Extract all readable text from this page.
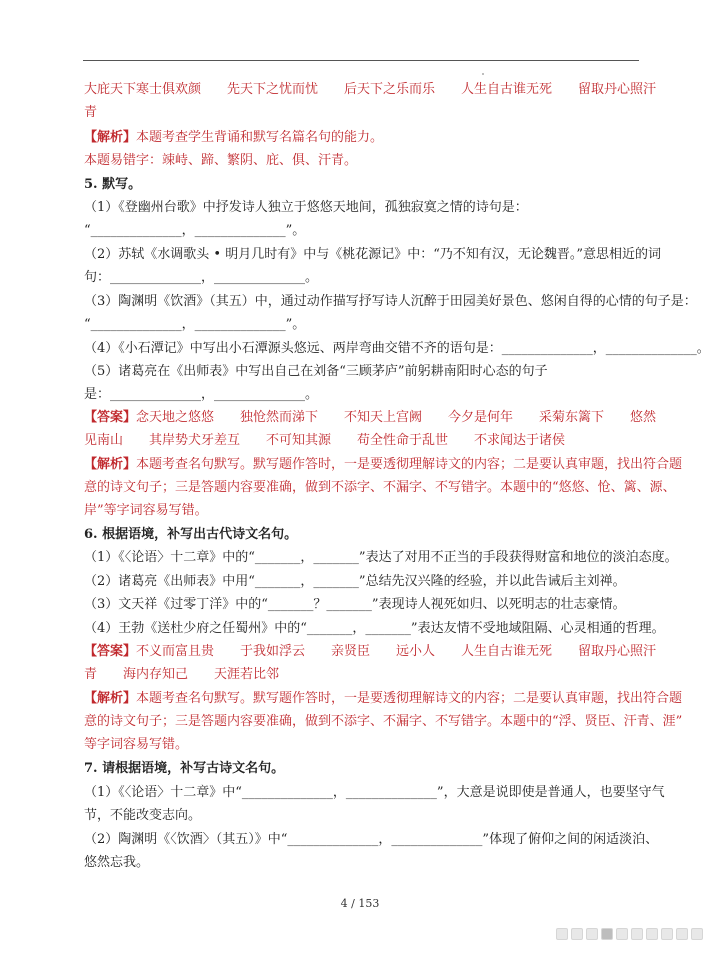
大庇天下寒士俱欢颜　　先天下之忧而忧　　后天下之乐而乐　　人生自古谁无死　　留取丹心照汗
青
【解析】本题考查学生背诵和默写名篇名句的能力。
本题易错字：竦峙、蹄、繁阴、庇、俱、汗青。
5. 默写。
（1）《登幽州台歌》中抒发诗人独立于悠悠天地间，孤独寂寞之情的诗句是：
“______________，______________”。
（2）苏轼《水调歌头 • 明月几时有》中与《桃花源记》中：“乃不知有汉，无论魏晋。”意思相近的词
句：______________，______________。
（3）陶渊明《饮酒》（其五）中，通过动作描写抒写诗人沉醉于田园美好景色、悠闲自得的心情的句子是：
“______________，______________”。
（4）《小石潭记》中写出小石潭源头悠远、两岸弯曲交错不齐的语句是：______________，______________。
（5）诸葛亮在《出师表》中写出自己在刘备“三顾茅庐”前躬耕南阳时心态的句子
是：______________，______________。
【答案】念天地之悠悠　　独怆然而涕下　　不知天上宫阙　　今夕是何年　　采菊东篱下　　悠然
见南山　　其岸势犬牙差互　　不可知其源　　苟全性命于乱世　　不求闻达于诸侯
【解析】本题考查名句默写。默写题作答时，一是要透彻理解诗文的内容；二是要认真审题，找出符合题
意的诗文句子；三是答题内容要准确，做到不添字、不漏字、不写错字。本题中的“悠悠、怆、篱、源、
岸”等字词容易写错。
6. 根据语境，补写出古代诗文名句。
（1）《〈论语〉十二章》中的“_______，_______”表达了对用不正当的手段获得财富和地位的淡泊态度。
（2）诸葛亮《出师表》中用“_______，_______”总结先汉兴隆的经验，并以此告诫后主刘禅。
（3）文天祥《过零丁洋》中的“_______？_______”表现诗人视死如归、以死明志的壮志豪情。
（4）王勃《送杜少府之任蜀州》中的“_______，_______”表达友情不受地域阻隔、心灵相通的哲理。
【答案】不义而富且贵　　于我如浮云　　亲贤臣　　远小人　　人生自古谁无死　　留取丹心照汗
青　　海内存知己　　天涯若比邻
【解析】本题考查名句默写。默写题作答时，一是要透彻理解诗文的内容；二是要认真审题，找出符合题
意的诗文句子；三是答题内容要准确，做到不添字、不漏字、不写错字。本题中的“浮、贤臣、汗青、涯”
等字词容易写错。
7. 请根据语境，补写古诗文名句。
（1）《〈论语〉十二章》中“______________，______________”，大意是说即使是普通人，也要坚守气
节，不能改变志向。
（2）陶渊明《〈饮酒〉（其五）》中“______________，______________”体现了俯仰之间的闲适淡泊、
悠然忘我。
4 / 153
